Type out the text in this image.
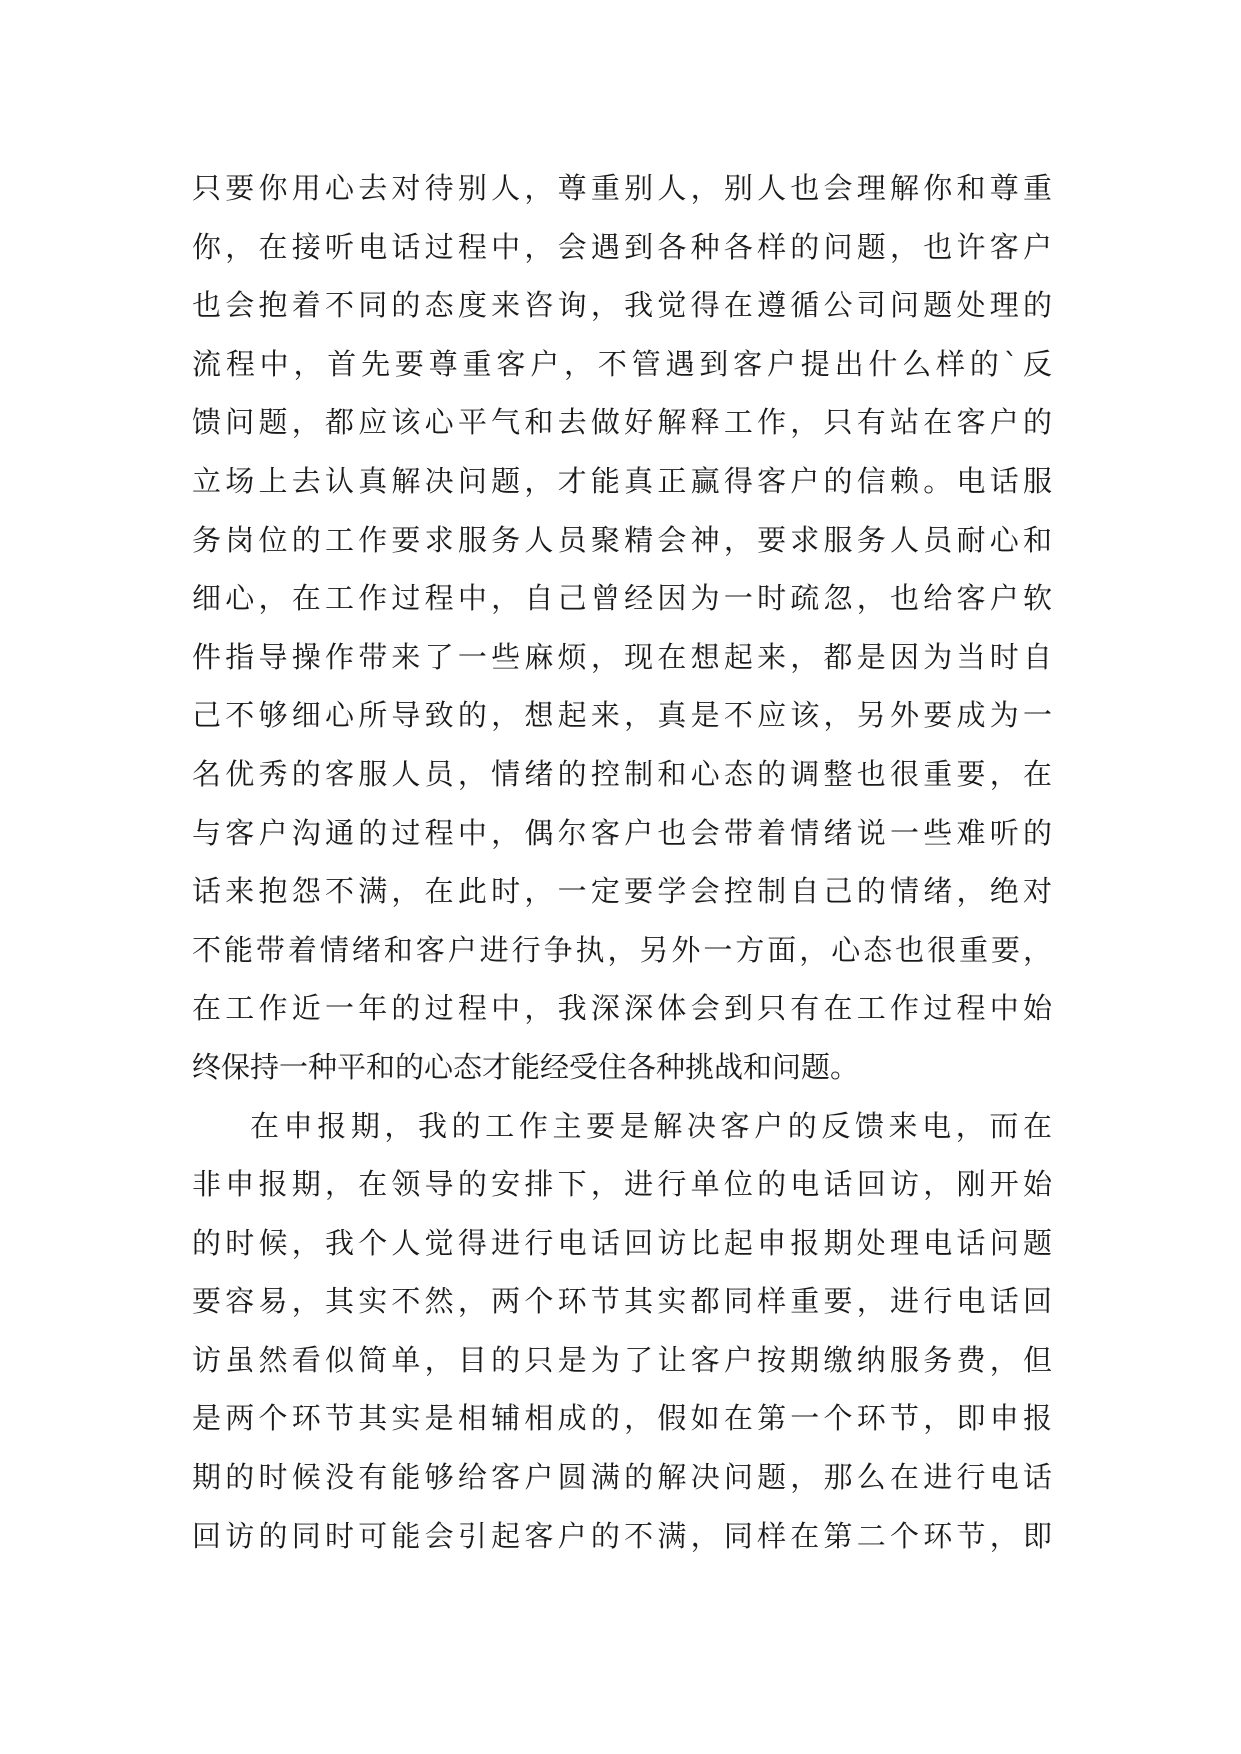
只要你用心去对待别人，尊重别人，别人也会理解你和尊重
你，在接听电话过程中，会遇到各种各样的问题，也许客户
也会抱着不同的态度来咨询，我觉得在遵循公司问题处理的
流程中，首先要尊重客户，不管遇到客户提出什么样的`反
馈问题，都应该心平气和去做好解释工作，只有站在客户的
立场上去认真解决问题，才能真正赢得客户的信赖。电话服
务岗位的工作要求服务人员聚精会神，要求服务人员耐心和
细心，在工作过程中，自己曾经因为一时疏忽，也给客户软
件指导操作带来了一些麻烦，现在想起来，都是因为当时自
己不够细心所导致的，想起来，真是不应该，另外要成为一
名优秀的客服人员，情绪的控制和心态的调整也很重要，在
与客户沟通的过程中，偶尔客户也会带着情绪说一些难听的
话来抱怨不满，在此时，一定要学会控制自己的情绪，绝对
不能带着情绪和客户进行争执，另外一方面，心态也很重要，
在工作近一年的过程中，我深深体会到只有在工作过程中始
终保持一种平和的心态才能经受住各种挑战和问题。
在申报期，我的工作主要是解决客户的反馈来电，而在
非申报期，在领导的安排下，进行单位的电话回访，刚开始
的时候，我个人觉得进行电话回访比起申报期处理电话问题
要容易，其实不然，两个环节其实都同样重要，进行电话回
访虽然看似简单，目的只是为了让客户按期缴纳服务费，但
是两个环节其实是相辅相成的，假如在第一个环节，即申报
期的时候没有能够给客户圆满的解决问题，那么在进行电话
回访的同时可能会引起客户的不满，同样在第二个环节，即
